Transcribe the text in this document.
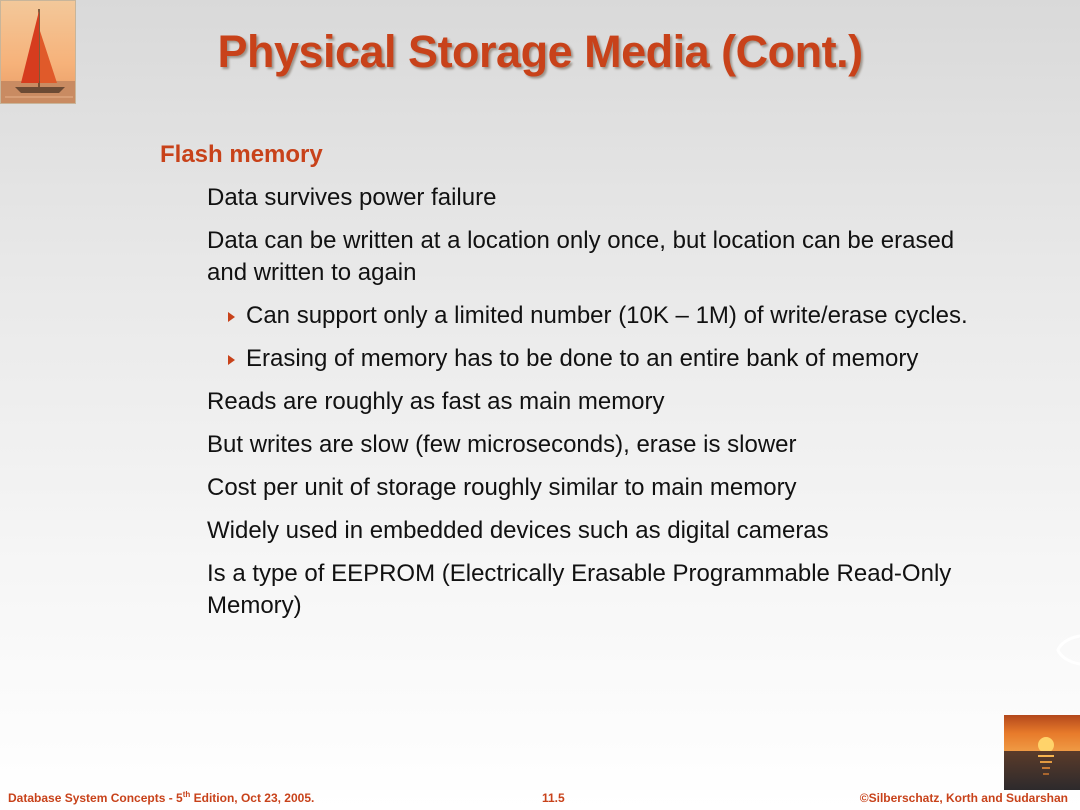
Physical Storage Media (Cont.)
Flash memory
Data survives power failure
Data can be written at a location only once, but location can be erased and written to again
Can support only a limited number (10K – 1M) of write/erase cycles.
Erasing of memory has to be done to an entire bank of memory
Reads are roughly as fast as main memory
But writes are slow (few microseconds), erase is slower
Cost per unit of storage roughly similar to main memory
Widely used in embedded devices such as digital cameras
Is a type of EEPROM (Electrically Erasable Programmable Read-Only Memory)
Database System Concepts - 5th Edition, Oct 23, 2005.	11.5	©Silberschatz, Korth and Sudarshan
